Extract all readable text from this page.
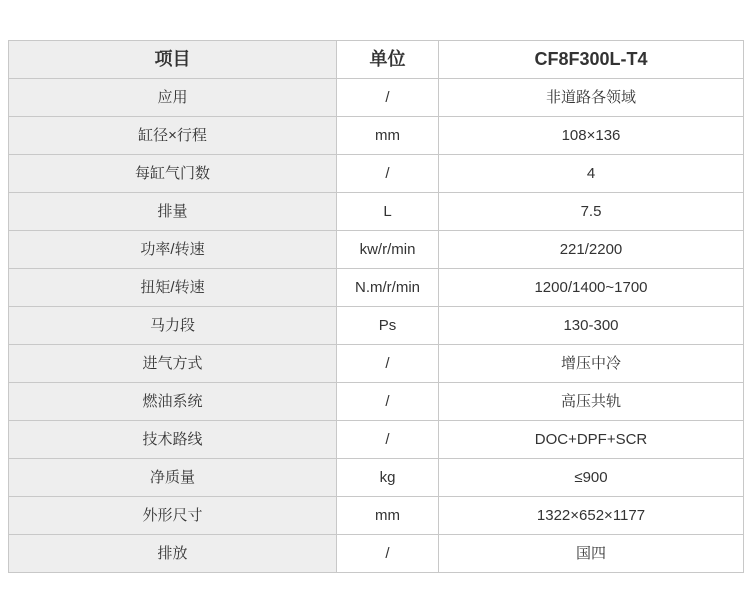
项目	单位	CF8F300L-T4
应用	/	非道路各领域
缸径×行程	mm	108×136
每缸气门数	/	4
排量	L	7.5
功率/转速	kw/r/min	221/2200
扭矩/转速	N.m/r/min	1200/1400~1700
马力段	Ps	130-300
进气方式	/	增压中冷
燃油系统	/	高压共轨
技术路线	/	DOC+DPF+SCR
净质量	kg	≤900
外形尺寸	mm	1322×652×1177
排放	/	国四
